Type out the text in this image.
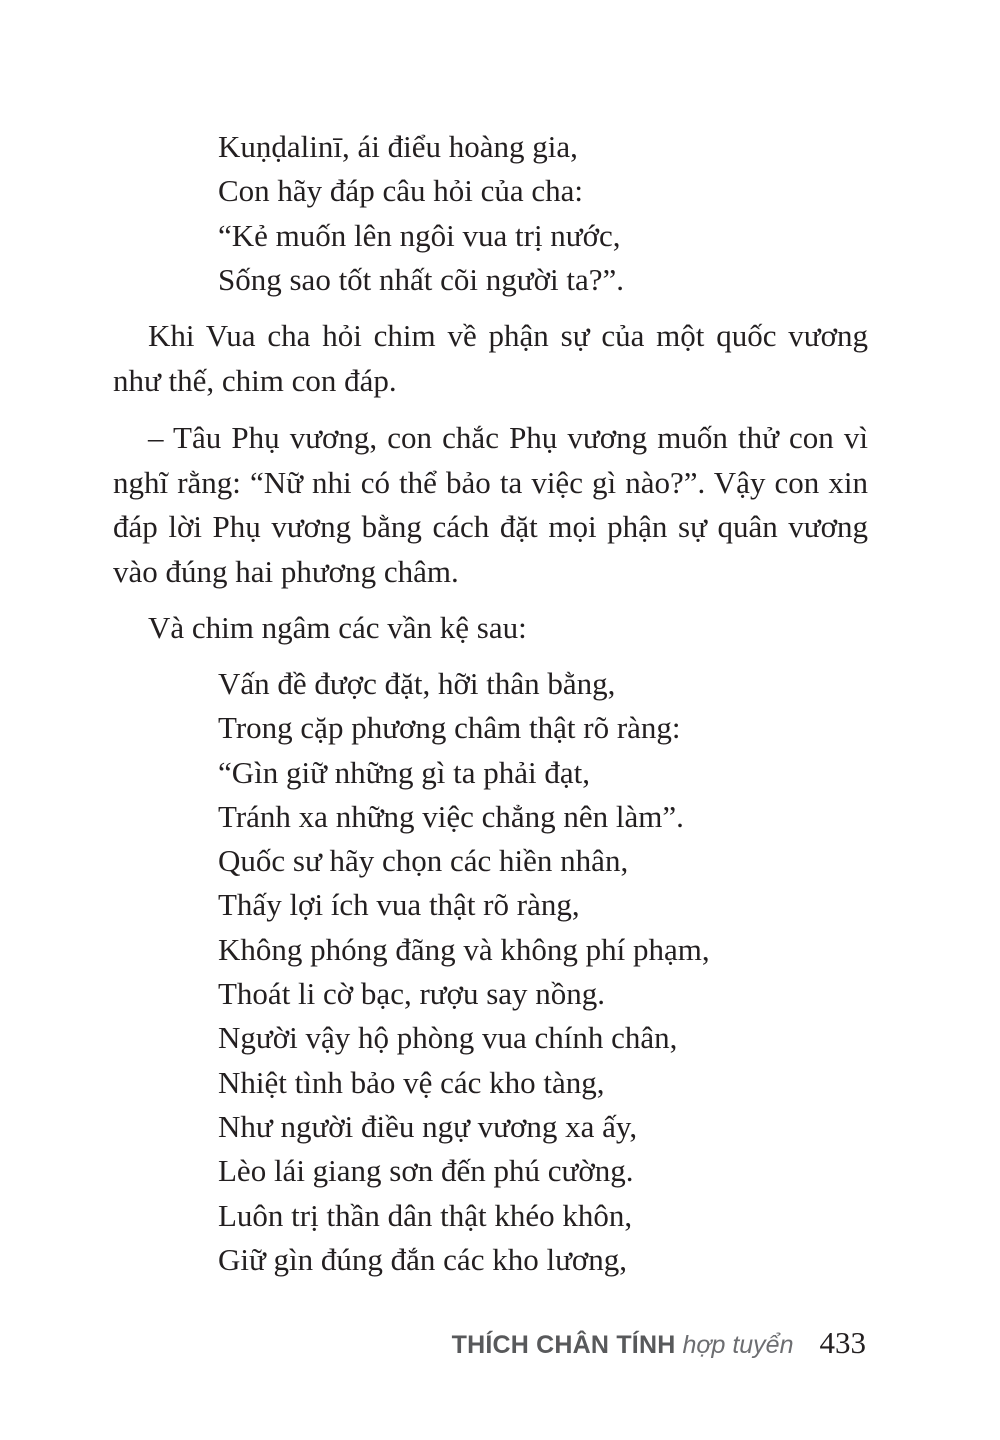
Kuṇḍalinī, ái điểu hoàng gia,
Con hãy đáp câu hỏi của cha:
“Kẻ muốn lên ngôi vua trị nước,
Sống sao tốt nhất cõi người ta?”.
Khi Vua cha hỏi chim về phận sự của một quốc vương như thế, chim con đáp.
– Tâu Phụ vương, con chắc Phụ vương muốn thử con vì nghĩ rằng: “Nữ nhi có thể bảo ta việc gì nào?”. Vậy con xin đáp lời Phụ vương bằng cách đặt mọi phận sự quân vương vào đúng hai phương châm.
Và chim ngâm các vần kệ sau:
Vấn đề được đặt, hỡi thân bằng,
Trong cặp phương châm thật rõ ràng:
“Gìn giữ những gì ta phải đạt,
Tránh xa những việc chẳng nên làm”.
Quốc sư hãy chọn các hiền nhân,
Thấy lợi ích vua thật rõ ràng,
Không phóng đãng và không phí phạm,
Thoát li cờ bạc, rượu say nồng.
Người vậy hộ phòng vua chính chân,
Nhiệt tình bảo vệ các kho tàng,
Như người điều ngự vương xa ấy,
Lèo lái giang sơn đến phú cường.
Luôn trị thần dân thật khéo khôn,
Giữ gìn đúng đắn các kho lương,
THÍCH CHÂN TÍNH hợp tuyển 433
